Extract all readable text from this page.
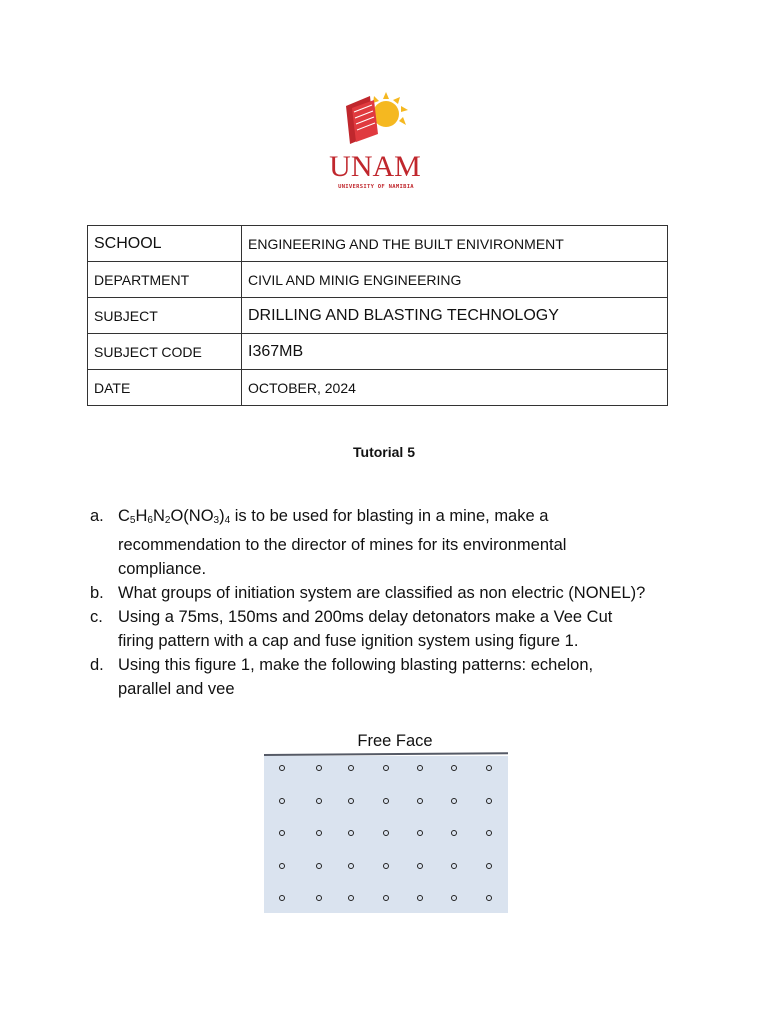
UNAM
UNIVERSITY OF NAMIBIA
SCHOOL	ENGINEERING AND THE BUILT ENIVIRONMENT
DEPARTMENT	CIVIL AND MINIG ENGINEERING
SUBJECT	DRILLING AND BLASTING TECHNOLOGY
SUBJECT CODE	I367MB
DATE	OCTOBER, 2024
Tutorial 5
a. $C_5H_6N_2O(NO_3)_4$ is to be used for blasting in a mine, make a recommendation to the director of mines for its environmental compliance.
b. What groups of initiation system are classified as non electric (NONEL)?
c. Using a 75ms, 150ms and 200ms delay detonators make a Vee Cut firing pattern with a cap and fuse ignition system using figure 1.
d. Using this figure 1, make the following blasting patterns: echelon, parallel and vee
Free Face
